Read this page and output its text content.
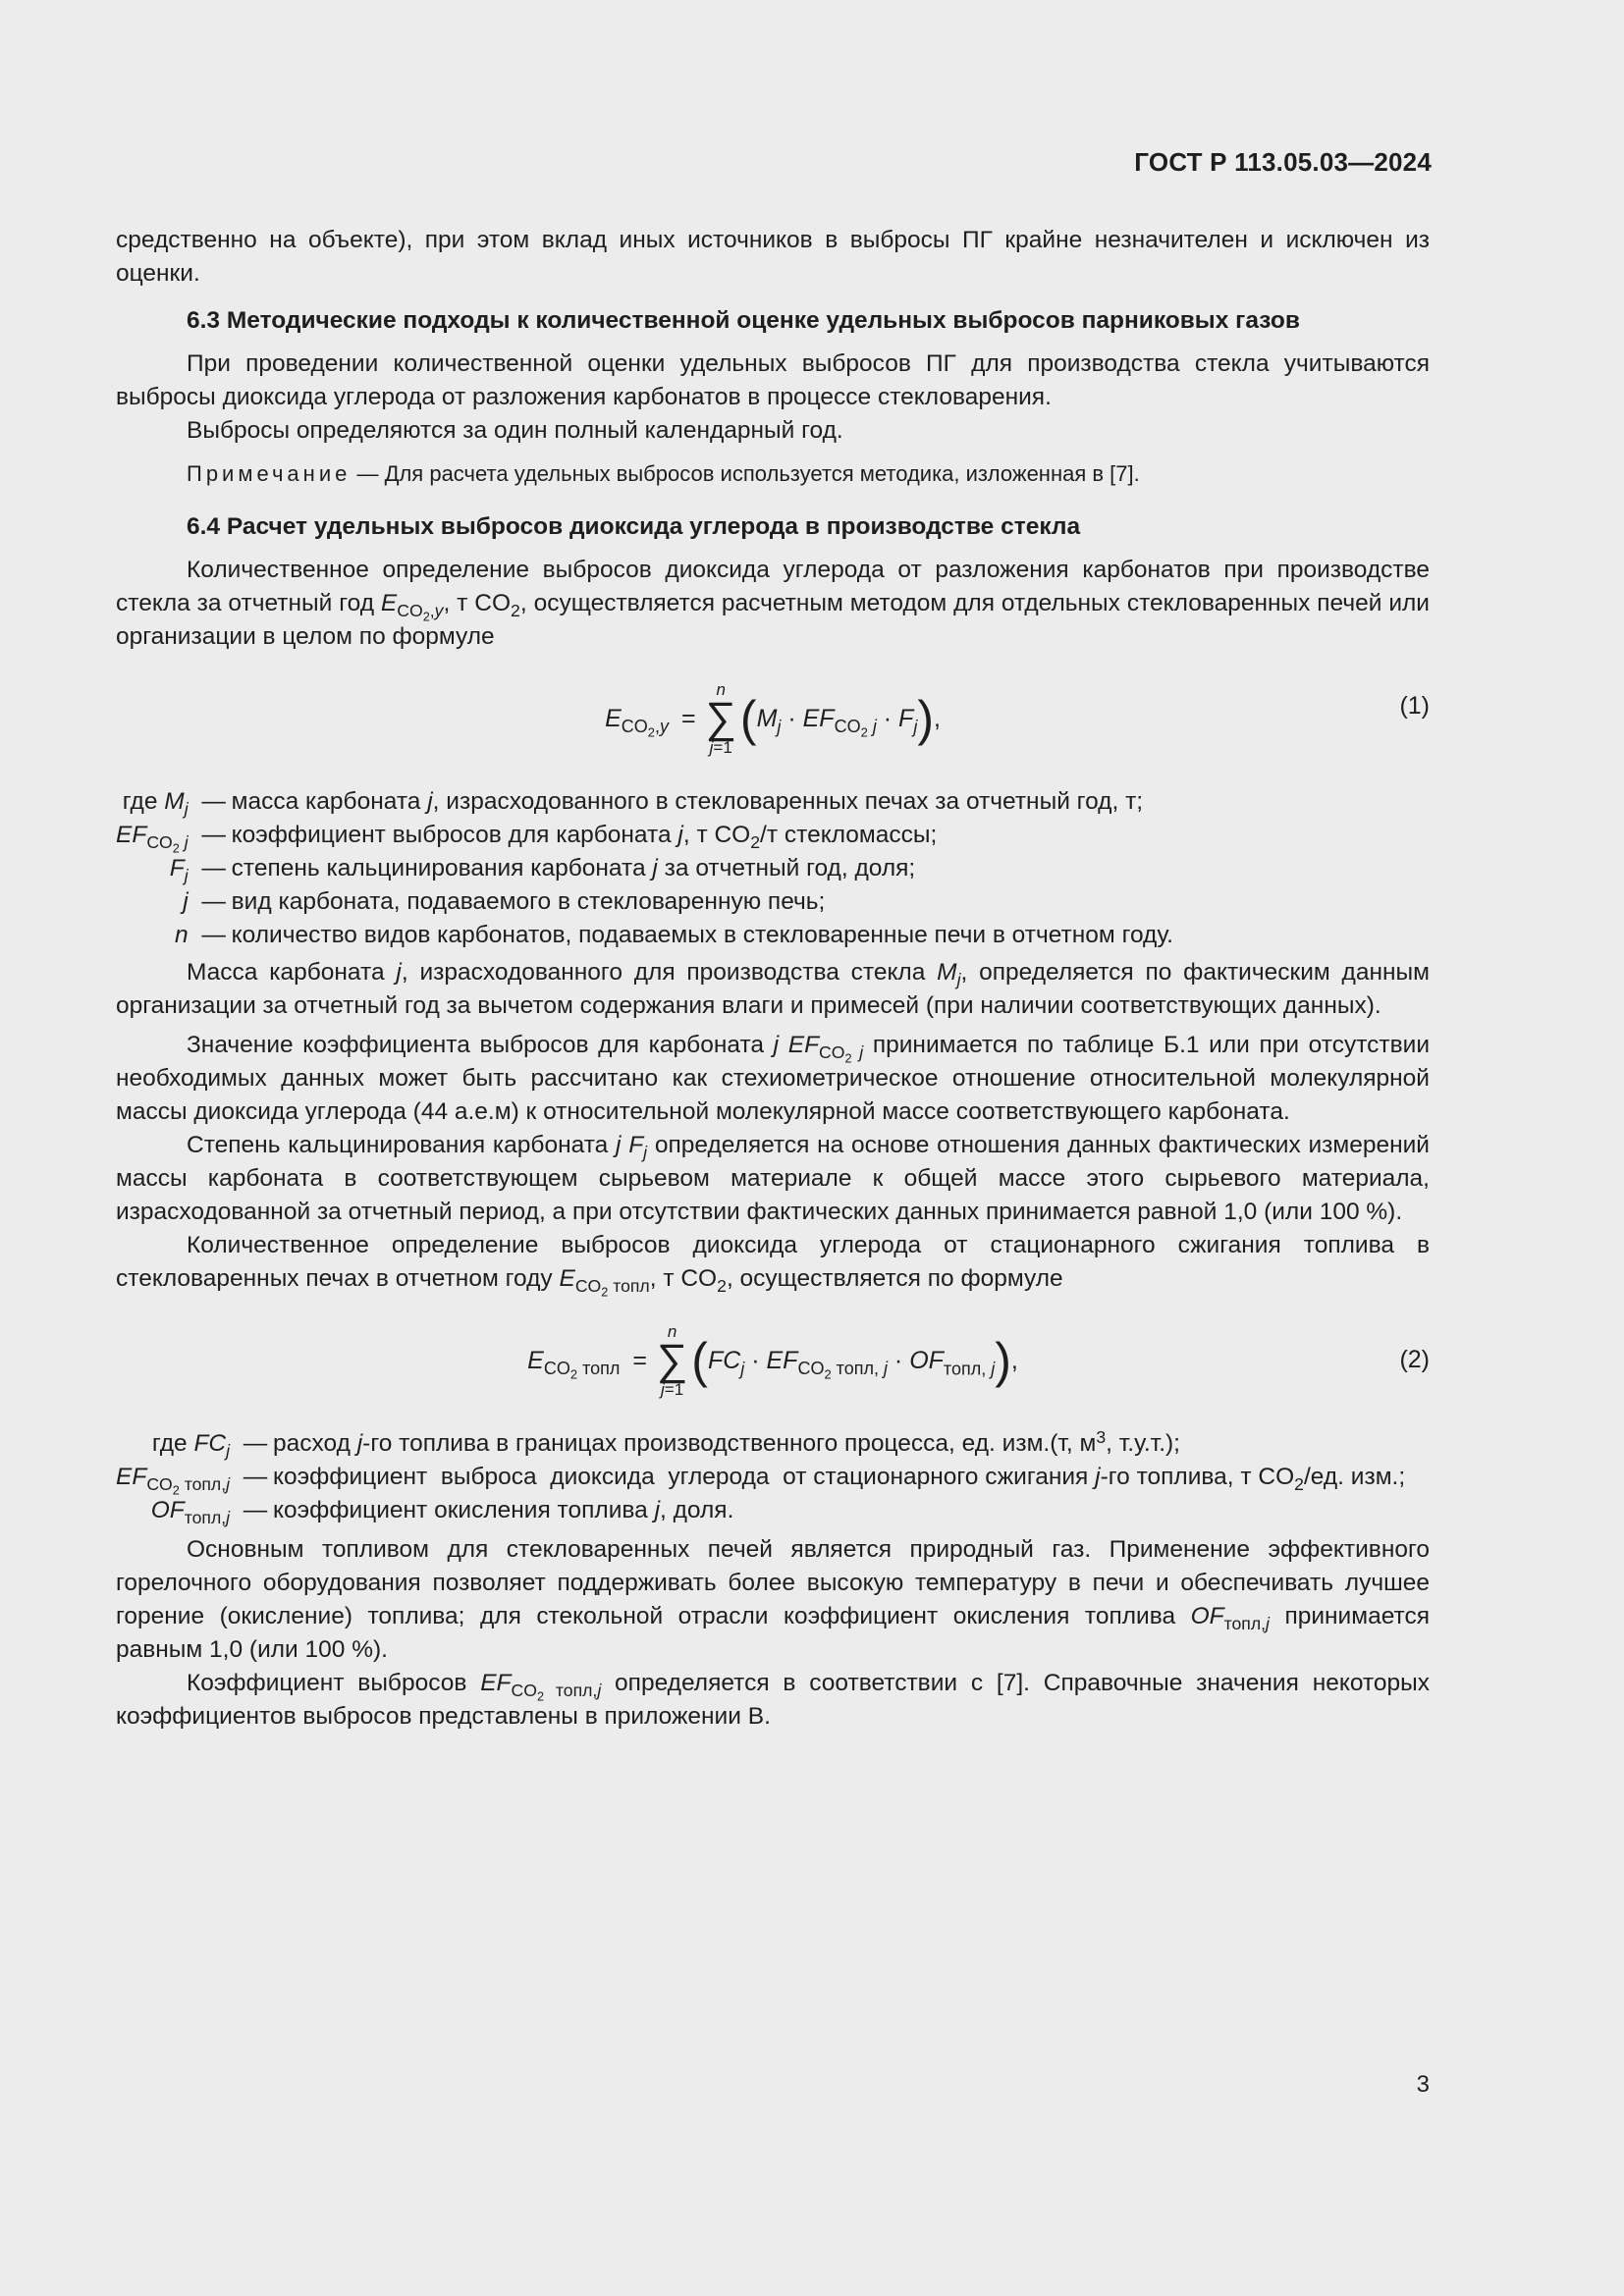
ГОСТ Р 113.05.03—2024

средственно на объекте), при этом вклад иных источников в выбросы ПГ крайне незначителен и исключен из оценки.

6.3 Методические подходы к количественной оценке удельных выбросов парниковых газов

При проведении количественной оценки удельных выбросов ПГ для производства стекла учитываются выбросы диоксида углерода от разложения карбонатов в процессе стекловарения.

Выбросы определяются за один полный календарный год.

Примечание — Для расчета удельных выбросов используется методика, изложенная в [7].

6.4 Расчет удельных выбросов диоксида углерода в производстве стекла

Количественное определение выбросов диоксида углерода от разложения карбонатов при производстве стекла за отчетный год $E_{CO_2,y}$, т $CO_2$, осуществляется расчетным методом для отдельных стекловаренных печей или организации в целом по формуле

$E_{CO_2,y}$ =
n
∑
j=1
( $M_j \cdot EF_{CO_2 j} \cdot F_j$ ) ,	(1)
где $M_j$	—	масса карбоната j, израсходованного в стекловаренных печах за отчетный год, т;
$EF_{CO_2 j}$	—	коэффициент выбросов для карбоната j, т $CO_2/т$ стекломассы;
$F_j$	—	степень кальцинирования карбоната j за отчетный год, доля;
j	—	вид карбоната, подаваемого в стекловаренную печь;
n	—	количество видов карбонатов, подаваемых в стекловаренные печи в отчетном году.

Масса карбоната j, израсходованного для производства стекла $M_j$, определяется по фактическим данным организации за отчетный год за вычетом содержания влаги и примесей (при наличии соответствующих данных).

Значение коэффициента выбросов для карбоната j $EF_{CO_2 j}$ принимается по таблице Б.1 или при отсутствии необходимых данных может быть рассчитано как стехиометрическое отношение относительной молекулярной массы диоксида углерода (44 а.е.м) к относительной молекулярной массе соответствующего карбоната.

Степень кальцинирования карбоната j $F_j$ определяется на основе отношения данных фактических измерений массы карбоната в соответствующем сырьевом материале к общей массе этого сырьевого материала, израсходованной за отчетный период, а при отсутствии фактических данных принимается равной 1,0 (или 100 %).

Количественное определение выбросов диоксида углерода от стационарного сжигания топлива в стекловаренных печах в отчетном году $E_{CO_2 топл}$, т $CO_2$, осуществляется по формуле

$E_{CO_2 топл}$ =
n
∑
j=1
( $FC_j \cdot EF_{CO_2 топл, j} \cdot OF_{топл, j}$ ) ,	(2)
где $FC_j$	—	расход j-го топлива в границах производственного процесса, ед. изм.(т, $м^3$, т.у.т.);
$EF_{CO_2 топл,j}$	—	коэффициент  выброса  диоксида  углерода  от стационарного сжигания j-го топлива, т $CO_2/ед$. изм.;
$OF_{топл,j}$	—	коэффициент окисления топлива j, доля.

Основным топливом для стекловаренных печей является природный газ. Применение эффективного горелочного оборудования позволяет поддерживать более высокую температуру в печи и обеспечивать лучшее горение (окисление) топлива; для стекольной отрасли коэффициент окисления топлива $OF_{топл,j}$ принимается равным 1,0 (или 100 %).

Коэффициент выбросов $EF_{CO_2 топл,j}$ определяется в соответствии с [7]. Справочные значения некоторых коэффициентов выбросов представлены в приложении В.

3
